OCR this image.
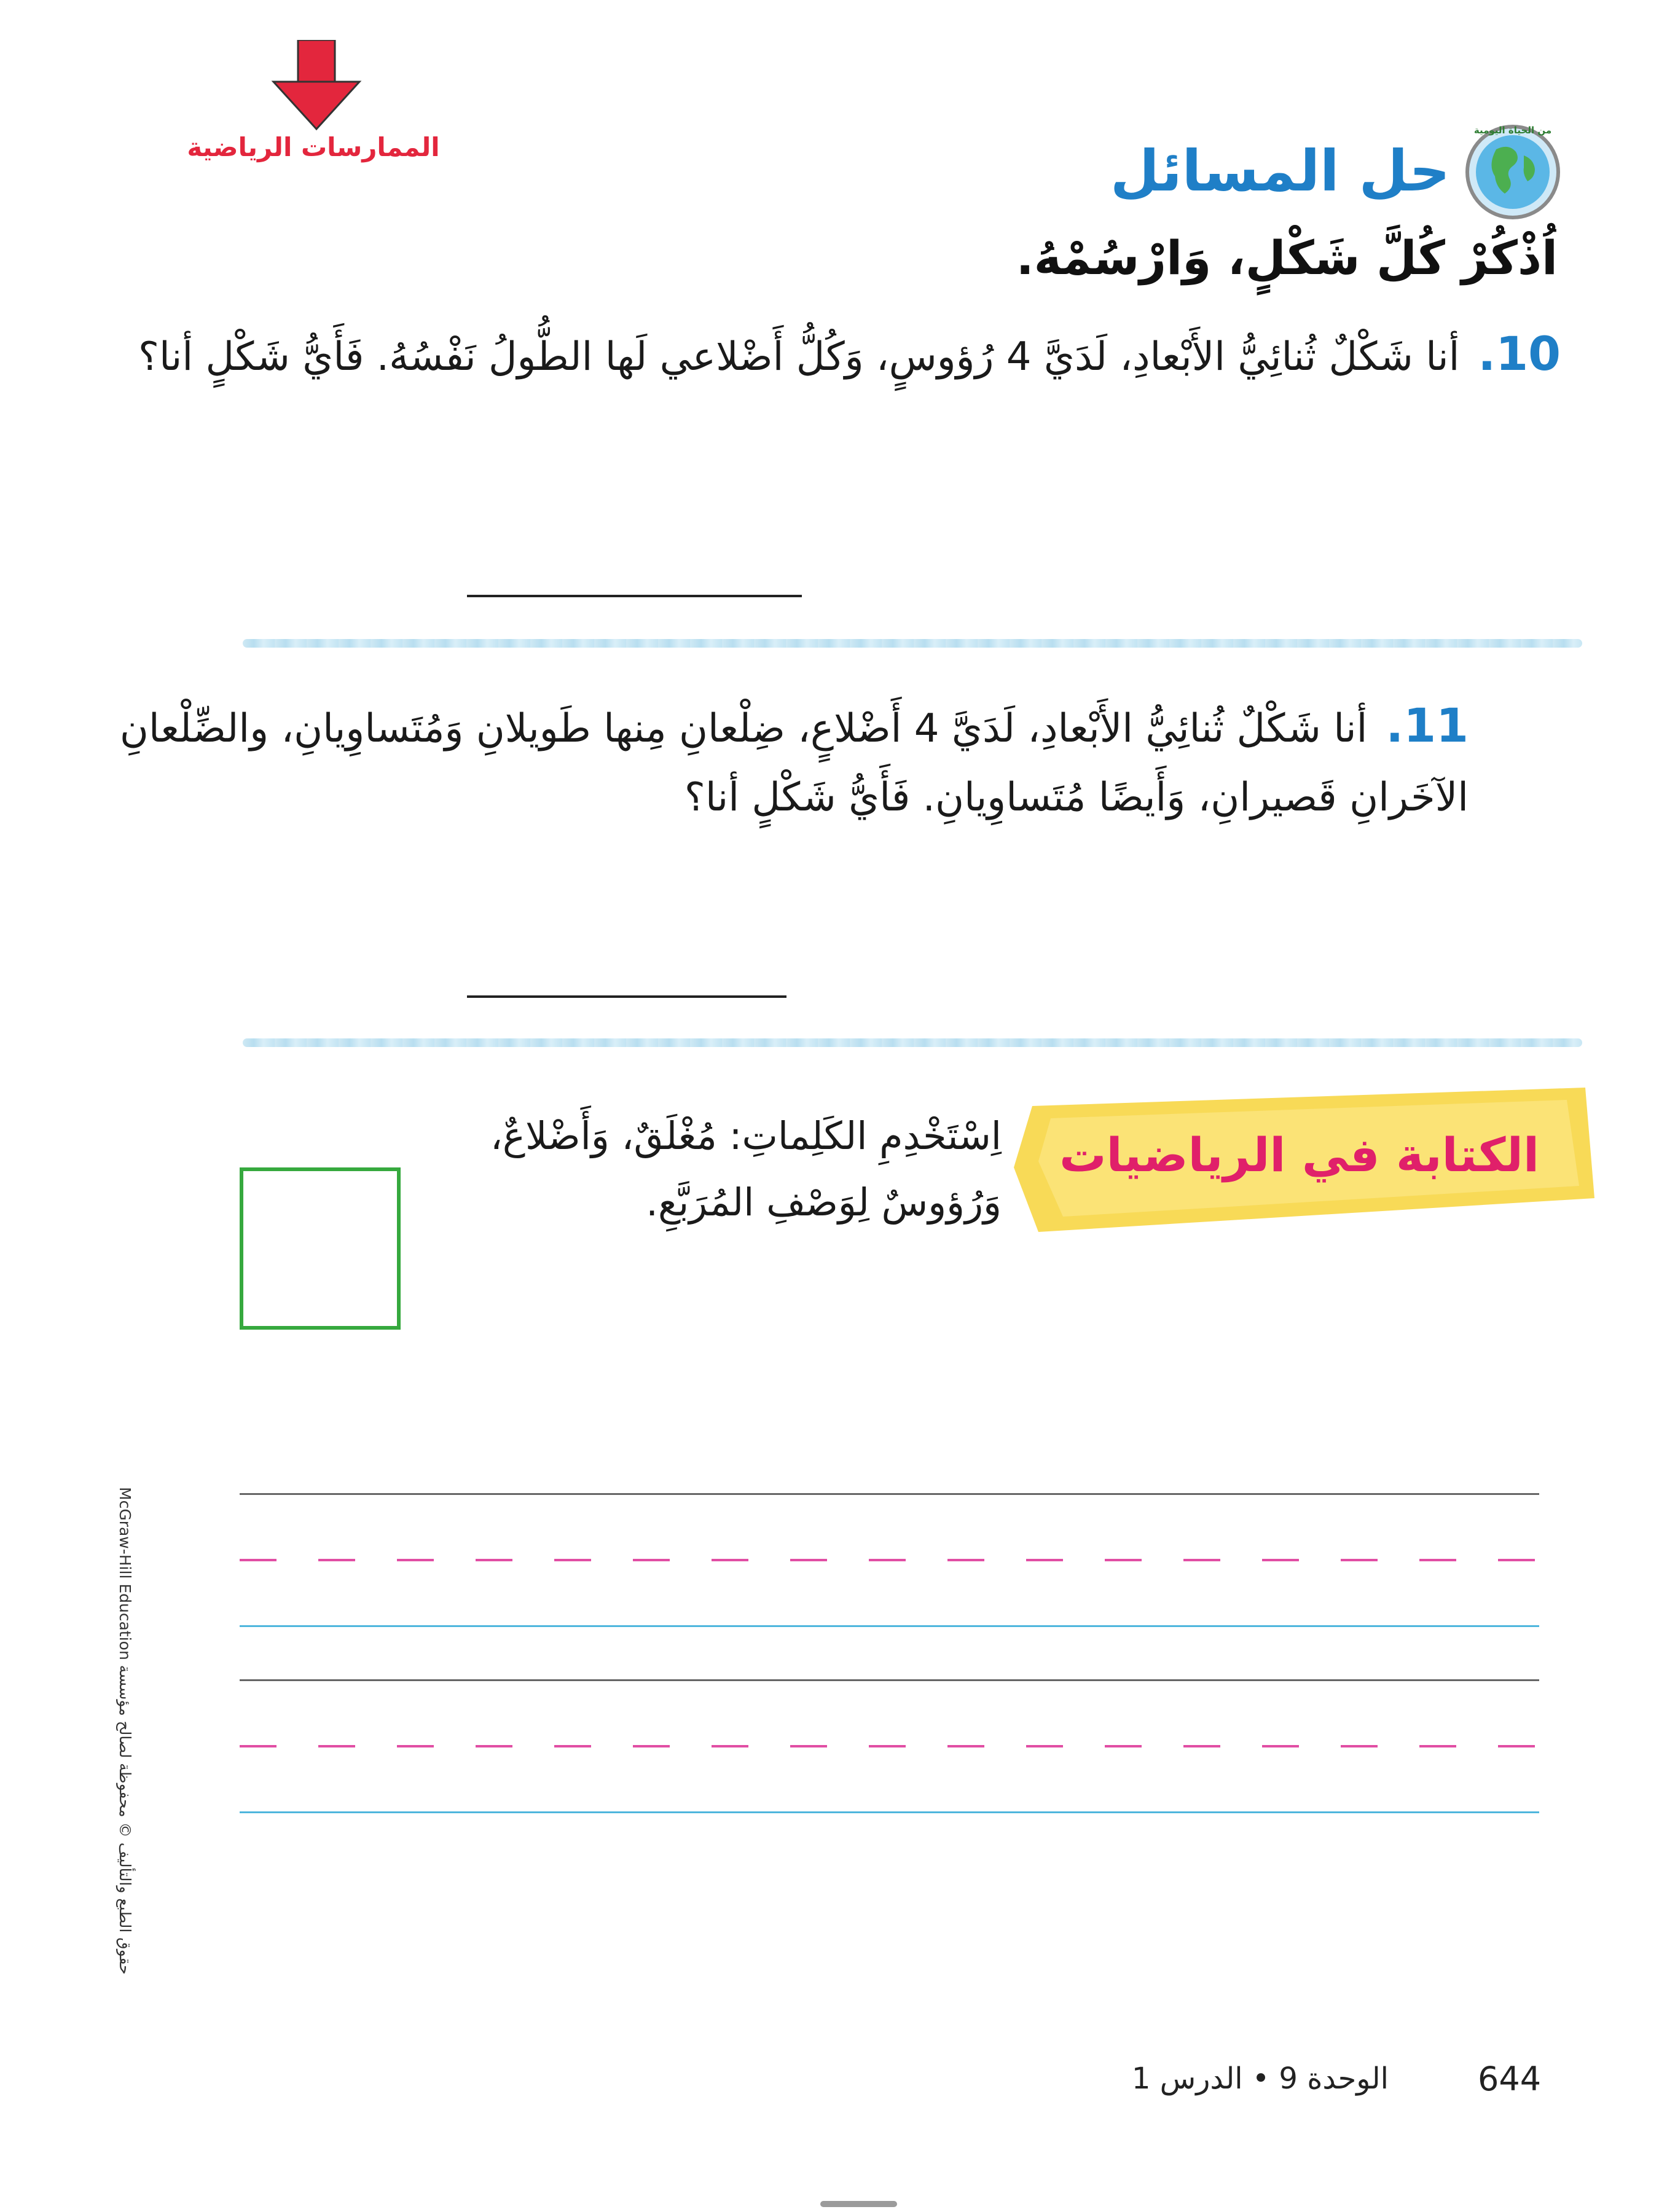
الممارسات الرياضية
من الحياة اليومية
حل المسائل
اُذْكُرْ كُلَّ شَكْلٍ، وَارْسُمْهُ.
10.أنا شَكْلٌ ثُنائِيُّ الأَبْعادِ، لَدَيَّ 4 رُؤوسٍ، وَكُلُّ أَضْلاعي لَها الطُّولُ نَفْسُهُ. فَأَيُّ شَكْلٍ أنا؟
11.أنا شَكْلٌ ثُنائِيُّ الأَبْعادِ، لَدَيَّ 4 أَضْلاعٍ، ضِلْعانِ مِنها طَويلانِ وَمُتَساوِيانِ، والضِّلْعانِ الآخَرانِ قَصيرانِ، وَأَيضًا مُتَساوِيانِ. فَأَيُّ شَكْلٍ أنا؟
الكتابة في الرياضيات
اِسْتَخْدِمِ الكَلِماتِ: مُغْلَقٌ، وَأَضْلاعٌ، وَرُؤوسٌ لِوَصْفِ المُرَبَّعِ.
حقوق الطبع والتأليف © محفوظة لصالح مؤسسة McGraw-Hill Education
644
الوحدة 9 • الدرس 1
